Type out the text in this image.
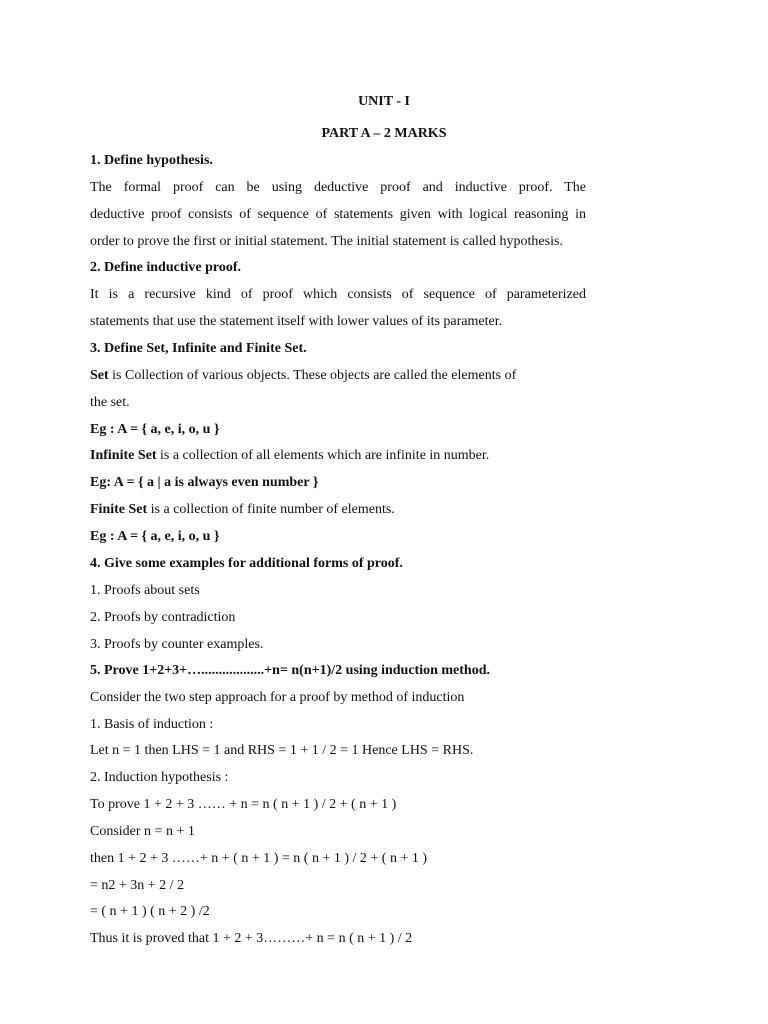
UNIT - I
PART A – 2 MARKS
1. Define hypothesis.
The formal proof can be using deductive proof and inductive proof. The
deductive proof consists of sequence of statements given with logical reasoning in
order to prove the first or initial statement. The initial statement is called hypothesis.
2. Define inductive proof.
It is a recursive kind of proof which consists of sequence of parameterized
statements that use the statement itself with lower values of its parameter.
3. Define Set, Infinite and Finite Set.
Set is Collection of various objects. These objects are called the elements of
the set.
Eg : A = { a, e, i, o, u }
Infinite Set is a collection of all elements which are infinite in number.
Eg: A = { a | a is always even number }
Finite Set is a collection of finite number of elements.
Eg : A = { a, e, i, o, u }
4. Give some examples for additional forms of proof.
1. Proofs about sets
2. Proofs by contradiction
3. Proofs by counter examples.
5. Prove 1+2+3+…..................+n= n(n+1)/2 using induction method.
Consider the two step approach for a proof by method of induction
1. Basis of induction :
Let n = 1 then LHS = 1 and RHS = 1 + 1 / 2 = 1 Hence LHS = RHS.
2. Induction hypothesis :
To prove 1 + 2 + 3 …… + n = n ( n + 1 ) / 2 + ( n + 1 )
Consider n = n + 1
then 1 + 2 + 3 ……+ n + ( n + 1 ) = n ( n + 1 ) / 2 + ( n + 1 )
= n2 + 3n + 2 / 2
= ( n + 1 ) ( n + 2 ) /2
Thus it is proved that 1 + 2 + 3………+ n = n ( n + 1 ) / 2
